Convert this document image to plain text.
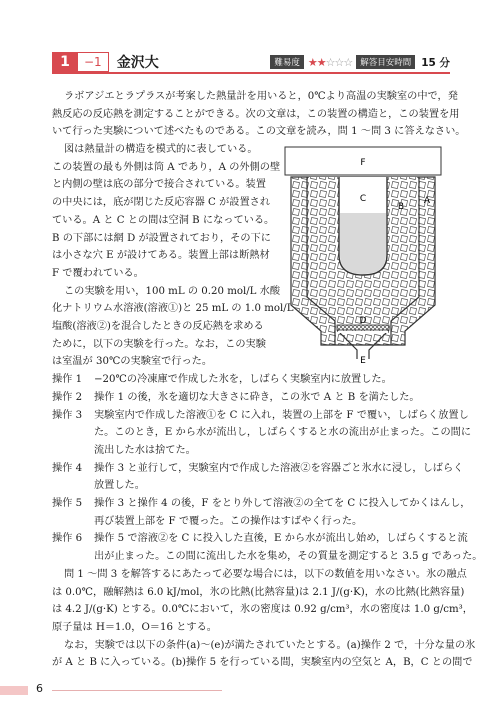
1	−1	金沢大	難易度 ★★☆☆☆ 解答目安時間 15 分
ラボアジエとラプラスが考案した熱量計を用いると，0℃より高温の実験室の中で，発
熱反応の反応熱を測定することができる。次の文章は，この装置の構造と，この装置を用
いて行った実験について述べたものである。この文章を読み，問 1 〜問 3 に答えなさい。
図は熱量計の構造を模式的に表している。
この装置の最も外側は筒 A であり，A の外側の壁
と内側の壁は底の部分で接合されている。装置
の中央には，底が閉じた反応容器 C が設置され
ている。A と C との間は空洞 B になっている。
B の下部には網 D が設置されており，その下に
は小さな穴 E が設けてある。装置上部は断熱材
F で覆われている。
この実験を用い，100 mL の 0.20 mol/L 水酸
化ナトリウム水溶液(溶液①)と 25 mL の 1.0 mol/L
塩酸(溶液②)を混合したときの反応熱を求める
ために，以下の実験を行った。なお，この実験
は室温が 30℃の実験室で行った。
操作 1 −20℃の冷凍庫で作成した氷を，しばらく実験室内に放置した。
操作 2 操作 1 の後，氷を適切な大きさに砕き，この氷で A と B を満たした。
操作 3 実験室内で作成した溶液①を C に入れ，装置の上部を F で覆い，しばらく放置し
た。このとき，E から水が流出し，しばらくすると水の流出が止まった。この間に
流出した水は捨てた。
操作 4 操作 3 と並行して，実験室内で作成した溶液②を容器ごと氷水に浸し，しばらく
放置した。
操作 5 操作 3 と操作 4 の後，F をとり外して溶液②の全てを C に投入してかくはんし，
再び装置上部を F で覆った。この操作はすばやく行った。
操作 6 操作 5 で溶液②を C に投入した直後，E から水が流出し始め，しばらくすると流
出が止まった。この間に流出した水を集め，その質量を測定すると 3.5 g であった。
問 1 〜問 3 を解答するにあたって必要な場合には，以下の数値を用いなさい。氷の融点
は 0.0℃，融解熱は 6.0 kJ/mol，氷の比熱(比熱容量)は 2.1 J/(g·K)，水の比熱(比熱容量)
は 4.2 J/(g·K) とする。0.0℃において，氷の密度は 0.92 g/cm³，水の密度は 1.0 g/cm³，
原子量は H＝1.0，O＝16 とする。
なお，実験では以下の条件(a)〜(e)が満たされていたとする。(a)操作 2 で，十分な量の氷
が A と B に入っている。(b)操作 5 を行っている間，実験室内の空気と A，B，C との間で
F
C
B
A
D
E
6
